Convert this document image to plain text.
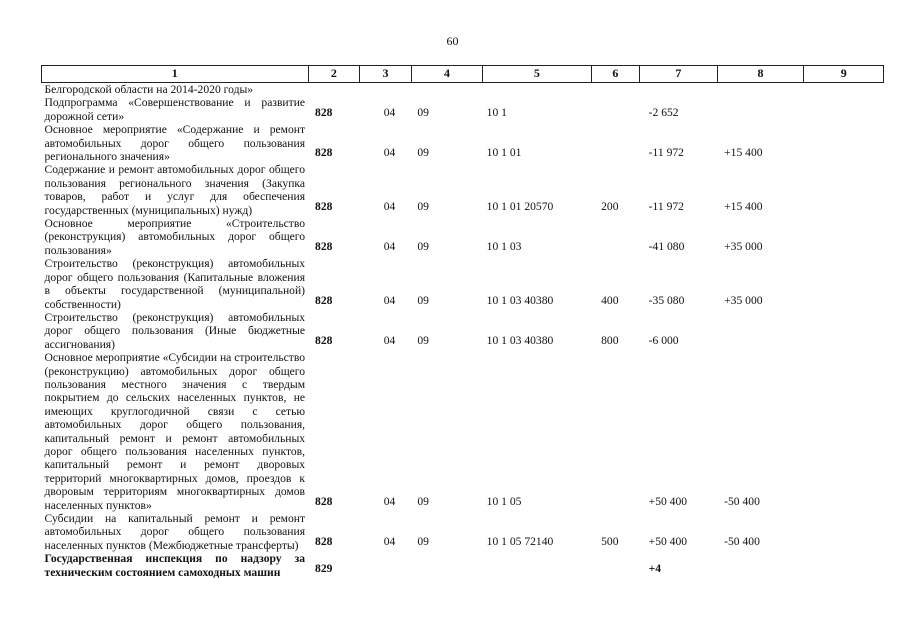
60
1	2	3	4	5	6	7	8	9
Белгородской области на 2014-2020 годы»								
Подпрограмма «Совершенствование и развитие дорожной сети»	828	04	09	10 1		-2 652		
Основное мероприятие «Содержание и ремонт автомобильных дорог общего пользования регионального значения»	828	04	09	10 1 01		-11 972	+15 400	
Содержание и ремонт автомобильных дорог общего пользования регионального значения (Закупка товаров, работ и услуг для обеспечения государственных (муниципальных) нужд)	828	04	09	10 1 01 20570	200	-11 972	+15 400	
Основное мероприятие «Строительство (реконструкция) автомобильных дорог общего пользования»	828	04	09	10 1 03		-41 080	+35 000	
Строительство (реконструкция) автомобильных дорог общего пользования (Капитальные вложения в объекты государственной (муниципальной) собственности)	828	04	09	10 1 03 40380	400	-35 080	+35 000	
Строительство (реконструкция) автомобильных дорог общего пользования (Иные бюджетные ассигнования)	828	04	09	10 1 03 40380	800	-6 000		
Основное мероприятие «Субсидии на строительство (реконструкцию) автомобильных дорог общего пользования местного значения с твердым покрытием до сельских населенных пунктов, не имеющих круглогодичной связи с сетью автомобильных дорог общего пользования, капитальный ремонт и ремонт автомобильных дорог общего пользования населенных пунктов, капитальный ремонт и ремонт дворовых территорий многоквартирных домов, проездов к дворовым территориям многоквартирных домов населенных пунктов»	828	04	09	10 1 05		+50 400	-50 400	
Субсидии на капитальный ремонт и ремонт автомобильных дорог общего пользования населенных пунктов (Межбюджетные трансферты)	828	04	09	10 1 05 72140	500	+50 400	-50 400	
Государственная инспекция по надзору за техническим состоянием самоходных машин	829					+4		
